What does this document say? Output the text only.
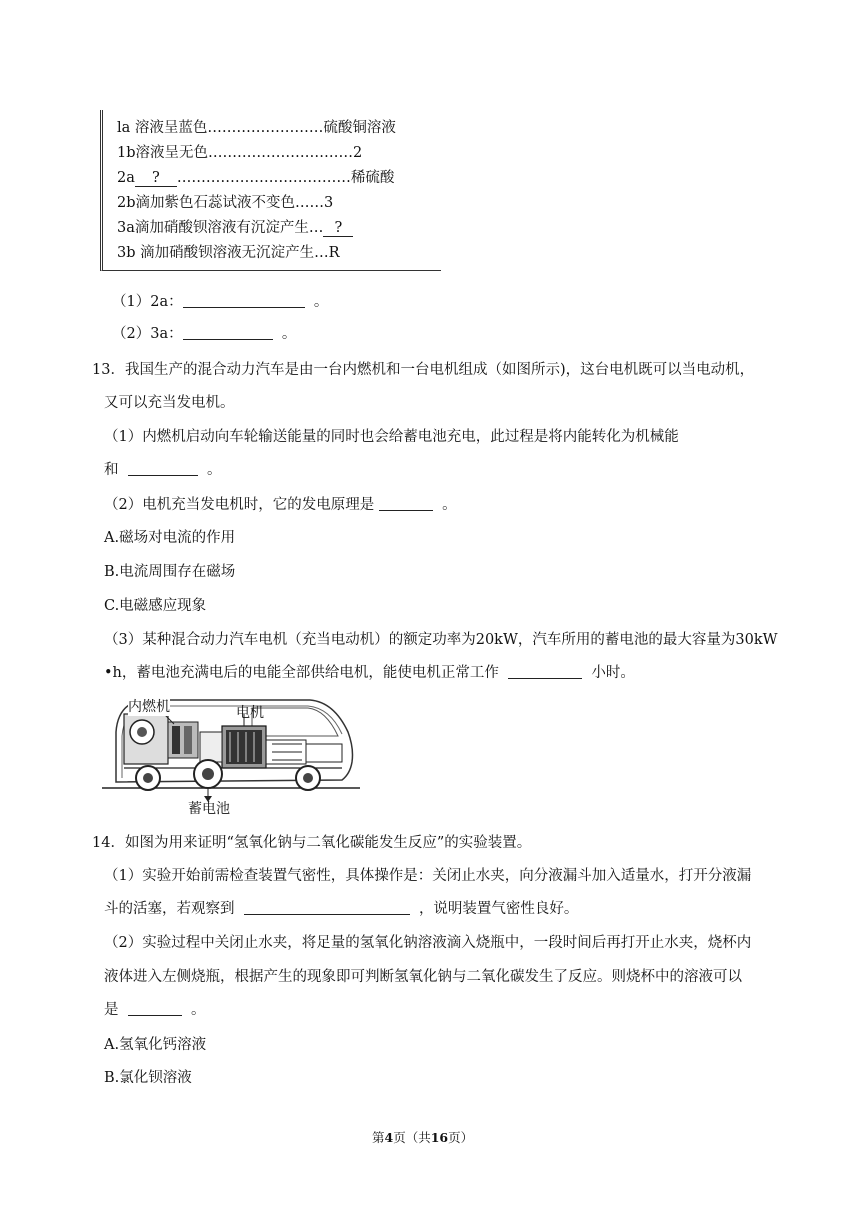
la 溶液呈蓝色……………………硫酸铜溶液
1b溶液呈无色…………………………2
2a ? ………………………………稀硫酸
2b滴加紫色石蕊试液不变色……3
3a滴加硝酸钡溶液有沉淀产生… ?
3b 滴加硝酸钡溶液无沉淀产生…R
（1）2a：	。
（2）3a：	。
13．我国生产的混合动力汽车是由一台内燃机和一台电机组成（如图所示)，这台电机既可以当电动机，
又可以充当发电机。
（1）内燃机启动向车轮输送能量的同时也会给蓄电池充电，此过程是将内能转化为机械能
和	。
（2）电机充当发电机时，它的发电原理是	。
A.磁场对电流的作用
B.电流周围存在磁场
C.电磁感应现象
（3）某种混合动力汽车电机（充当电动机）的额定功率为20kW，汽车所用的蓄电池的最大容量为30kW
•h，蓄电池充满电后的电能全部供给电机，能使电机正常工作	小时。
内燃机	电机
蓄电池
14．如图为用来证明“氢氧化钠与二氧化碳能发生反应”的实验装置。
（1）实验开始前需检查装置气密性，具体操作是：关闭止水夹，向分液漏斗加入适量水，打开分液漏
斗的活塞，若观察到	，说明装置气密性良好。
（2）实验过程中关闭止水夹，将足量的氢氧化钠溶液滴入烧瓶中，一段时间后再打开止水夹，烧杯内
液体进入左侧烧瓶，根据产生的现象即可判断氢氧化钠与二氧化碳发生了反应。则烧杯中的溶液可以
是	。
A.氢氧化钙溶液
B.氯化钡溶液
第4页（共16页）
